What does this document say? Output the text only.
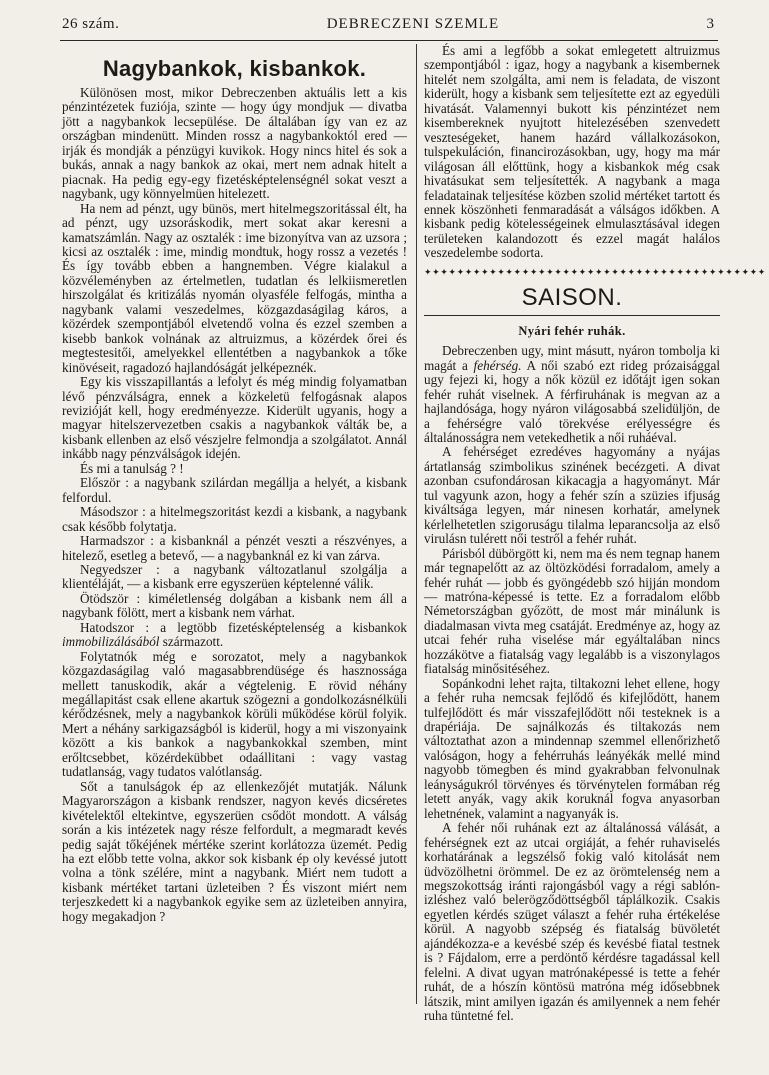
26 szám.	DEBRECZENI SZEMLE	3
Nagybankok, kisbankok.

Különösen most, mikor Debreczenben aktuális lett a kis pénzintézetek fuziója, szinte — hogy úgy mondjuk — divatba jött a nagybankok lecsepülése. De általában így van ez az országban mindenütt. Minden rossz a nagybankoktól ered — irják és mondják a pénzügyi kuvikok. Hogy nincs hitel és sok a bukás, annak a nagy bankok az okai, mert nem adnak hitelt a piacnak. Ha pedig egy-egy fizetésképtelenségnél sokat veszt a nagybank, ugy könnyelmüen hitelezett.

Ha nem ad pénzt, ugy bünös, mert hitelmegszoritással élt, ha ad pénzt, ugy uzsoráskodik, mert sokat akar keresni a kamatszámlán. Nagy az osztalék : ime bizonyítva van az uzsora ; kicsi az osztalék : ime, mindig mondtuk, hogy rossz a vezetés ! És így tovább ebben a hangnemben. Végre kialakul a közvéleményben az értelmetlen, tudatlan és lelkiismeretlen hirszolgálat és kritizálás nyomán olyasféle felfogás, mintha a nagybank valami veszedelmes, közgazdaságilag káros, a közérdek szempontjából elvetendő volna és ezzel szemben a kisebb bankok volnának az altruizmus, a közérdek őrei és megtestesitői, amelyekkel ellentétben a nagybankok a tőke kinövéseit, ragadozó hajlandóságát jelképeznék.

Egy kis visszapillantás a lefolyt és még mindig folyamatban lévő pénzválságra, ennek a közkeletü felfogásnak alapos revizióját kell, hogy eredményezze. Kiderült ugyanis, hogy a magyar hitelszervezetben csakis a nagybankok válták be, a kisbank ellenben az első vészjelre felmondja a szolgálatot. Annál inkább nagy pénzválságok idején.

És mi a tanulság ? !

Először : a nagybank szilárdan megállja a helyét, a kisbank felfordul.

Másodszor : a hitelmegszoritást kezdi a kisbank, a nagybank csak később folytatja.

Harmadszor : a kisbanknál a pénzét veszti a részvényes, a hitelező, esetleg a betevő, — a nagybanknál ez ki van zárva.

Negyedszer : a nagybank változatlanul szolgálja a klientéláját, — a kisbank erre egyszerüen képtelenné válik.

Ötödször : kiméletlenség dolgában a kisbank nem áll a nagybank fölött, mert a kisbank nem várhat.

Hatodszor : a legtöbb fizetésképtelenség a kisbankok immobilizálásából származott.

Folytatnók még e sorozatot, mely a nagybankok közgazdaságilag való magasabbrendüsége és hasznossága mellett tanuskodik, akár a végtelenig. E rövid néhány megállapitást csak ellene akartuk szögezni a gondolkozásnélküli kérődzésnek, mely a nagybankok körüli működése körül folyik. Mert a néhány sarkigazságból is kiderül, hogy a mi viszonyaink között a kis bankok a nagybankokkal szemben, mint erőltcsebbet, közérdekübbet odaállitani : vagy vastag tudatlanság, vagy tudatos valótlanság.

Sőt a tanulságok ép az ellenkezőjét mutatják. Nálunk Magyarországon a kisbank rendszer, nagyon kevés dicséretes kivételektől eltekintve, egyszerüen csődöt mondott. A válság során a kis intézetek nagy része felfordult, a megmaradt kevés pedig saját tőkéjének mértéke szerint korlátozza üzemét. Pedig ha ezt előbb tette volna, akkor sok kisbank ép oly kevéssé jutott volna a tönk szélére, mint a nagybank. Miért nem tudott a kisbank mértéket tartani üzleteiben ? És viszont miért nem terjeszkedett ki a nagybankok egyike sem az üzleteiben annyira, hogy megakadjon ?

És ami a legfőbb a sokat emlegetett altruizmus szempontjából : igaz, hogy a nagybank a kisembernek hitelét nem szolgálta, ami nem is feladata, de viszont kiderült, hogy a kisbank sem teljesítette ezt az egyedüli hivatását. Valamennyi bukott kis pénzintézet nem kisembereknek nyujtott hitelezésében szenvedett veszteségeket, hanem hazárd vállalkozásokon, tulspekuláción, financirozásokban, ugy, hogy ma már világosan áll előttünk, hogy a kisbankok még csak hivatásukat sem teljesítették. A nagybank a maga feladatainak teljesítése közben szolid mértéket tartott és ennek köszönheti fenmaradását a válságos időkben. A kisbank pedig kötelességeinek elmulasztásával idegen területeken kalandozott és ezzel magát halálos veszedelembe sodorta.

✦✦✦✦✦✦✦✦✦✦✦✦✦✦✦✦✦✦✦✦✦✦✦✦✦✦✦✦✦✦✦✦✦✦✦✦✦✦✦✦✦✦
SAISON.
Nyári fehér ruhák.

Debreczenben ugy, mint másutt, nyáron tombolja ki magát a fehérség. A női szabó ezt rideg prózaisággal ugy fejezi ki, hogy a nők közül ez időtájt igen sokan fehér ruhát viselnek. A férfiruhának is megvan az a hajlandósága, hogy nyáron világosabbá szelidüljön, de a fehérségre való törekvése erélyességre és általánosságra nem vetekedhetik a női ruháéval.

A fehérséget ezredéves hagyomány a nyájas ártatlanság szimbolikus szinének becézgeti. A divat azonban csufondárosan kikacagja a hagyományt. Már tul vagyunk azon, hogy a fehér szín a szüzies ifjuság kiváltsága legyen, már ninesen korhatár, amelynek kérlelhetetlen szigoruságu tilalma leparancsolja az első virulásn tulérett női testről a fehér ruhát.

Párisból dübörgött ki, nem ma és nem tegnap hanem már tegnapelőtt az az öltözködési forradalom, amely a fehér ruhát — jobb és gyöngédebb szó hijján mondom — matróna-képessé is tette. Ez a forradalom előbb Németországban győzött, de most már minálunk is diadalmasan vivta meg csatáját. Eredménye az, hogy az utcai fehér ruha viselése már egyáltalában nincs hozzákötve a fiatalság vagy legalább is a viszonylagos fiatalság minősitéséhez.

Sopánkodni lehet rajta, tiltakozni lehet ellene, hogy a fehér ruha nemcsak fejlődő és kifejlődött, hanem tulfejlődött és már visszafejlődött női testeknek is a drapériája. De sajnálkozás és tiltakozás nem változtathat azon a mindennap szemmel ellenőrizhető valóságon, hogy a fehérruhás leányékák mellé mind nagyobb tömegben és mind gyakrabban felvonulnak leányságukról törvényes és törvénytelen formában rég letett anyák, vagy akik koruknál fogva anyasorban lehetnének, valamint a nagyanyák is.

A fehér női ruhának ezt az általánossá válását, a fehérségnek ezt az utcai orgiáját, a fehér ruhaviselés korhatárának a legszélső fokig való kitolását nem üdvözölhetni örömmel. De ez az örömtelenség nem a megszokottság iránti rajongásból vagy a régi sablón-izléshez való belerögződöttségből táplálkozik. Csakis egyetlen kérdés szüget választ a fehér ruha értékelése körül. A nagyobb szépség és fiatalság büvöletét ajándékozza-e a kevésbé szép és kevésbé fiatal testnek is ? Fájdalom, erre a perdöntő kérdésre tagadással kell felelni. A divat ugyan matrónaképessé is tette a fehér ruhát, de a hószín köntösü matróna még idősebbnek látszik, mint amilyen igazán és amilyennek a nem fehér ruha tüntetné fel.
